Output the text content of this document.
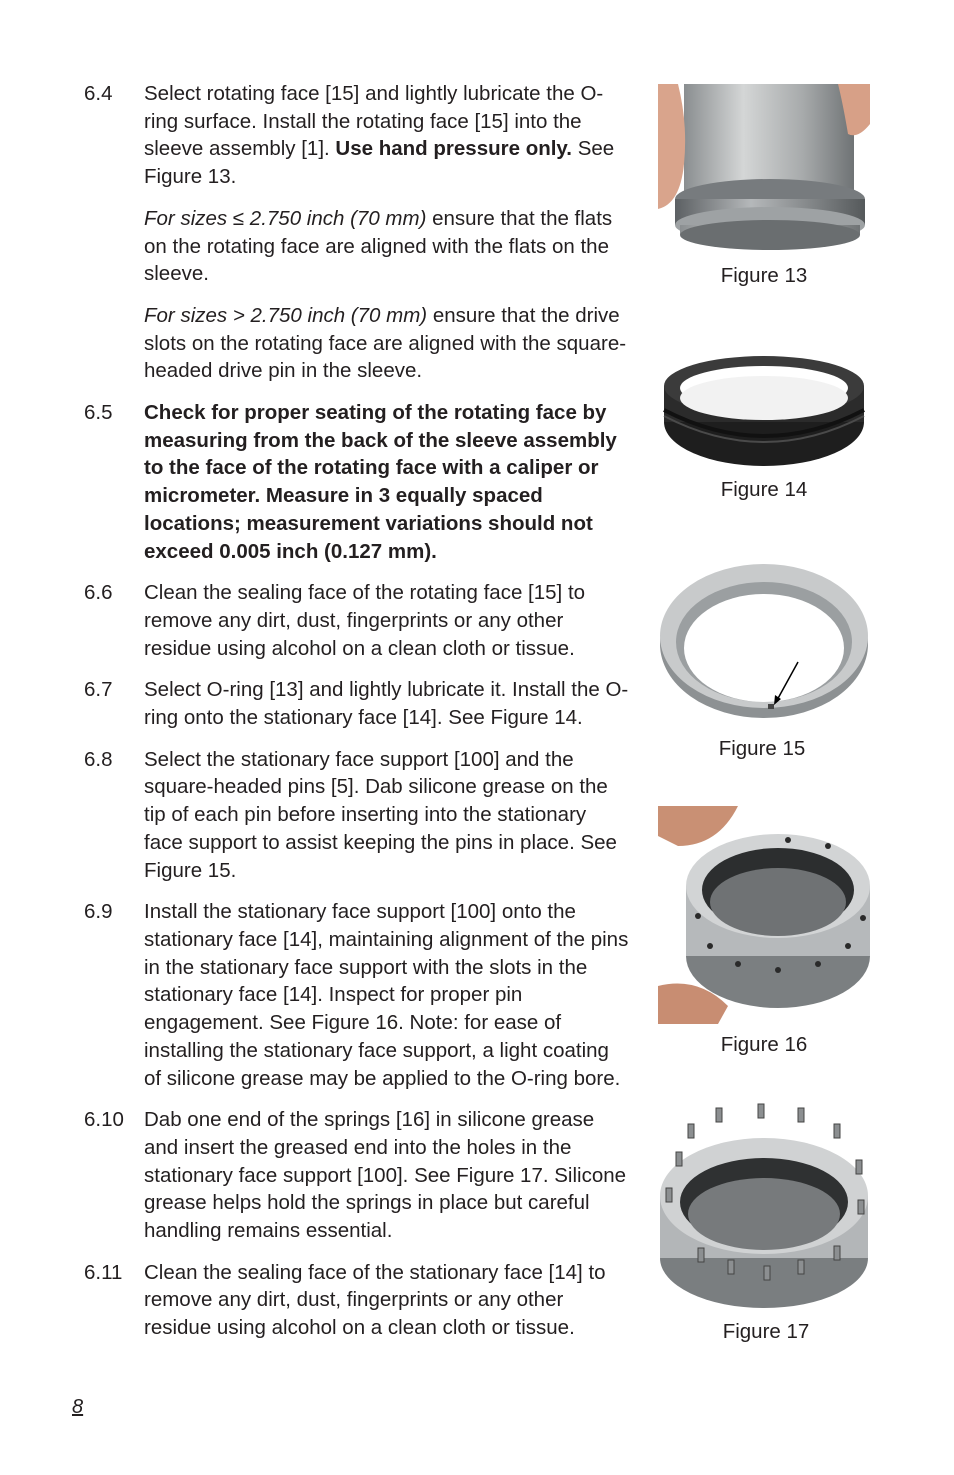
6.4	Select rotating face [15] and lightly lubricate the O-ring surface. Install the rotating face [15] into the sleeve assembly [1]. Use hand pressure only. See Figure 13.

For sizes ≤ 2.750 inch (70 mm) ensure that the flats on the rotating face are aligned with the flats on the sleeve.

For sizes > 2.750 inch (70 mm) ensure that the drive slots on the rotating face are aligned with the square-headed drive pin in the sleeve.

6.5	Check for proper seating of the rotating face by measuring from the back of the sleeve assembly to the face of the rotating face with a caliper or micrometer. Measure in 3 equally spaced locations; measurement variations should not exceed 0.005 inch (0.127 mm).
6.6	Clean the sealing face of the rotating face [15] to remove any dirt, dust, fingerprints or any other residue using alcohol on a clean cloth or tissue.
6.7	Select O-ring [13] and lightly lubricate it. Install the O-ring onto the stationary face [14]. See Figure 14.
6.8	Select the stationary face support [100] and the square-headed pins [5]. Dab silicone grease on the tip of each pin before inserting into the stationary face support to assist keeping the pins in place. See Figure 15.
6.9	Install the stationary face support [100] onto the stationary face [14], maintaining alignment of the pins in the stationary face support with the slots in the stationary face [14]. Inspect for proper pin engagement. See Figure 16. Note: for ease of installing the stationary face support, a light coating of silicone grease may be applied to the O-ring bore.
6.10 Dab one end of the springs [16] in silicone grease and insert the greased end into the holes in the stationary face support [100]. See Figure 17. Silicone grease helps hold the springs in place but careful handling remains essential.
6.11	Clean the sealing face of the stationary face [14] to remove any dirt, dust, fingerprints or any other residue using alcohol on a clean cloth or tissue.
Figure 13
Figure 14
Figure 15
Figure 16
Figure 17
8
